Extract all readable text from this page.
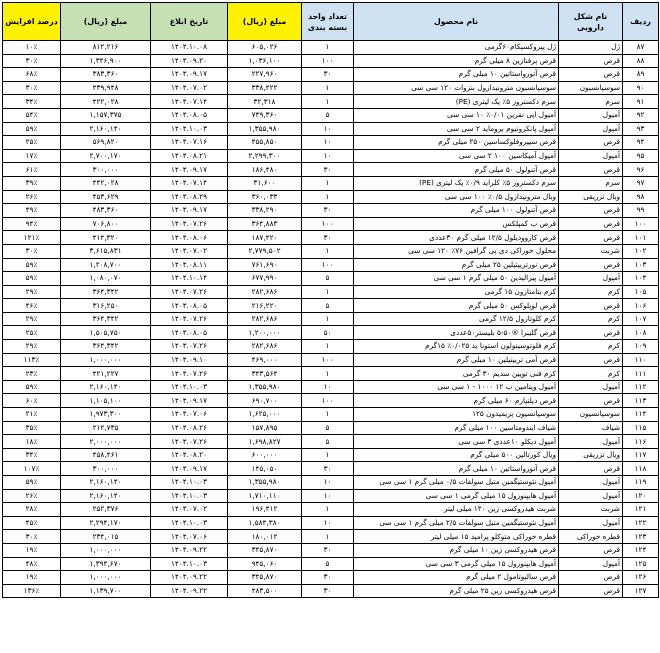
ردیف	نام شکل دارویی	نام محصول	تعداد واحد بسته بندی	مبلغ (ریال)	تاریخ ابلاغ	مبلغ (ریال)	درصد افزایش
۸۷	ژل	ژل پیروکسیکام۶۰گرمی	۱	۶۰۵,۰۲۶	۱۴۰۴.۱۰.۰۸	۸۱۲,۲۱۶	۱۰٪
۸۸	قرص	قرص پرفنازین ۸ میلی گرم	۱۰۰	۱,۰۳۶,۱۰۰	۱۴۰۴.۰۹.۲۰	۱,۳۴۶,۹۰۰	۳۰٪
۸۹	قرص	قرص آتورواستاتین ۱۰ میلی گرم	۳۰	۲۲۷,۹۶۰	۱۴۰۴.۰۹.۱۷	۳۸۳,۳۶۰	۶۸٪
۹۰	سوسپانسیون	سوسپانسیون مترونیدازول بنزوات ۱۲۰ سی سی	۱	۳۳۸,۴۲۲	۱۴۰۴.۰۷.۰۲	۴۳۹,۹۴۸	۳۰٪
۹۱	سرم	سرم دکستروز ۵٪ یک لیتری (PE)	۱	۳۲,۳۱۸	۱۴۰۴.۰۷.۱۴	۴۲۲,۰۲۸	۳۴٪
۹۲	آمپول	آمپول اپی نفرین ۰/۰۱٪ ۱۰ سی سی	۵	۷۴۹,۳۶۰	۱۴۰۴.۰۸.۰۵	۱,۱۵۷,۳۷۵	۵۴٪
۹۳	آمپول	آمپول پانکرونیوم بروماید ۲ سی سی	۱۰	۱,۳۵۵,۹۸۰	۱۴۰۴.۱۰.۰۳	۲,۱۶۰,۱۴۰	۵۹٪
۹۴	قرص	قرص سیپروفلوکساسین ۲۵۰ میلی گرم	۱۰	۴۵۵,۸۵۰	۱۴۰۴.۰۷.۱۶	۵۶۹,۸۲۰	۲۵٪
۹۵	آمپول	آمپول آمیکاسین ۱۰۰ ۲ سی سی	۱۰	۲,۲۹۹,۳۰۰	۱۴۰۴.۰۸.۲۱	۲,۷۰۰,۱۷۰	۱۷٪
۹۶	قرص	قرص آتنولول ۵۰ میلی گرم	۳۰	۱۸۶,۴۸۰	۱۴۰۴.۰۹.۱۷	۳۰۰,۰۰۰	۶۱٪
۹۷	سرم	سرم دکستروز ۵٪ کلراید ۰/۹٪ یک لیتری (PE)	۱	۳۱,۶۰۰	۱۴۰۴.۰۷.۱۴	۴۴۲,۰۲۸	۳۹٪
۹۸	ویال تزریقی	ویال مترونیدازول ۰/۵٪ ۱۰۰ سی سی	۱	۳۶۰,۰۳۳	۱۴۰۴.۰۸.۲۹	۴۵۳,۶۲۹	۲۶٪
۹۹	قرص	قرص آتنولول ۱۰۰ میلی گرم	۳۰	۳۳۸,۲۹۰	۱۴۰۴.۰۹.۱۷	۴۸۳,۳۶۰	۴۹٪
۱۰۰	قرص	قرص ب کمپلکس	۱۰۰	۳۶۴,۸۸۳	۱۴۰۴.۰۷.۲۶	۷۰۶,۸۰۰	۹۴٪
۱۰۱	قرص	قرص کاروودیلول ۱۲/۵ میلی گرم ۳۰عددی	۳۰	۱۸۷,۴۲۰	۱۴۰۴.۰۸.۰۶	۴۱۴,۳۲۰	۱۲۱٪
۱۰۲	شربت	محلول خوراکی دی پی گرافین ۷۶٪ ۱۲۰ سی سی	۱	۲,۷۷۹,۵۰۲	۱۴۰۴.۰۷.۰۲	۳,۶۱۵,۸۳۱	۳۰٪
۱۰۳	قرص	قرص نورتریپتیلین ۲۵ میلی گرم	۱۰۰	۷۶۱,۶۹۰	۱۴۰۴.۰۸.۱۱	۱,۲۰۸,۷۰۰	۵۹٪
۱۰۴	آمپول	آمپول پیرالیدین ۵۰ میلی گرم ۱ سی سی	۵	۶۷۷,۹۹۰	۱۴۰۴.۱۰.۱۴	۱,۰۸۰,۰۷۰	۵۹٪
۱۰۵	کرم	کرم بتامتازون ۱۵ گرمی	۱	۲۸۲,۶۸۶	۱۴۰۴.۰۷.۲۶	۳۶۴,۳۴۲	۲۹٪
۱۰۶	قرص	قرص لوپلوکس ۵۰ میلی گرم	۵	۲۱۶,۲۲۰	۱۴۰۴.۰۸.۰۵	۳۱۶,۲۵۰	۴۶٪
۱۰۷	کرم	کرم کلوتازول ۱۲/۵ گرمی	۱	۲۸۲,۶۸۶	۱۴۰۴.۰۷.۲۶	۳۶۴,۳۴۲	۲۹٪
۱۰۸	قرص	قرص گلیبرا ®۵۰-۵ بلیستر۵۰عددی	۵۰	۱,۲۰۰,۰۰۰	۱۴۰۴.۰۸.۰۵	۱,۵۰۵,۷۵۰	۲۵٪
۱۰۹	کرم	کرم فلوتوسینولون استونا ید ۰/۰۲۵٪ ۱۵گرم	۱	۲۸۲,۶۸۶	۱۴۰۴.۰۷.۲۶	۳۶۴,۳۴۲	۲۹٪
۱۱۰	قرص	قرص آمی تریپتیلین ۱۰ میلی گرم	۱۰۰	۴۶۹,۰۰۰	۱۴۰۴.۰۹.۱۰	۱,۰۰۰,۰۰۰	۱۱۳٪
۱۱۱	کرم	کرم فنی تویین سدیم ۳۰ گرمی	۱	۳۴۳,۵۶۴	۱۴۰۴.۰۷.۲۶	۴۲۱,۲۲۷	۲۳٪
۱۱۲	آمپول	آمپول ویتامین ب ۱۲ ۱۰۰۰ - ۱ سی سی	۱۰	۱,۳۵۵,۹۸۰	۱۴۰۴.۱۰.۰۳	۲,۱۶۰,۱۴۰	۵۹٪
۱۱۳	قرص	قرص دیلتیازم ۶۰ میلی گرم	۱۰۰	۶۹۰,۷۰۰	۱۴۰۴.۰۹.۱۷	۱,۱۰۵,۱۰۰	۶۰٪
۱۱۴	سوسپانسیون	سوسپانسیون پریمیدون ۱۲۵	۱	۱,۶۲۵,۰۰۰	۱۴۰۴.۰۷.۰۶	۱,۹۷۳,۳۰۰	۲۱٪
۱۱۵	شیاف	شیاف ایندومتاسین ۱۰۰ میلی گرم	۵	۱۵۷,۸۹۵	۱۴۰۴.۰۸.۲۶	۲۱۲,۷۳۵	۳۵٪
۱۱۶	آمپول	آمپول دیکلو ۱۰عددی ۳ سی سی	۵	۱,۶۹۸,۸۲۷	۱۴۰۴.۰۷.۲۶	۲,۰۰۰,۰۰۰	۱۸٪
۱۱۷	ویال تزریقی	ویال کورتالین ۵۰۰ میلی گرم	۱	۶۰۰,۰۰۰	۱۴۰۴.۰۸.۲۰	۴۵۸,۴۶۱	۳۴٪
۱۱۸	قرص	قرص آتورواستاتین ۱۰ میلی گرم	۳۰	۱۴۵,۰۵۰	۱۴۰۴.۰۹.۱۷	۳۰۰,۰۰۰	۱۰۷٪
۱۱۹	آمپول	آمپول نئوستیگمین متیل سولفات ۰/۵ میلی گرم ۱ سی سی	۱۰	۱,۳۵۵,۹۸۰	۱۴۰۴.۱۰.۰۳	۲,۱۶۰,۱۴۰	۵۹٪
۱۲۰	آمپول	آمپول هایپنوزول ۱۵ میلی گرمی ۱ سی سی	۱۰	۱,۷۱۰,۱۱۰	۱۴۰۴.۱۰.۰۳	۲,۱۶۰,۱۴۰	۲۶٪
۱۲۱	شربت	شربت هیدروکسی زین ۱۲۰ میلی لیتر	۱	۱۹۶,۴۱۲	۱۴۰۴.۰۷.۰۲	۲۵۲,۳۷۶	۲۸٪
۱۲۲	آمپول	آمپول نئوستیگمین متیل سولفات ۲/۵ میلی گرم ۱ سی سی	۱۰	۱,۵۸۴,۳۸۰	۱۴۰۴.۱۰.۰۳	۲,۲۹۴,۱۷۰	۴۵٪
۱۲۳	قطره خوراکی	قطره خوراکی متوکلو پرامید ۱۵ میلی لیتر	۱	۱۸۰,۰۱۲	۱۴۰۴.۰۷.۰۶	۲۳۴,۰۱۵	۳۰٪
۱۲۴	قرص	قرص هیدروکسی زین ۱۰ میلی گرم	۳۰	۳۴۵,۸۷۰	۱۴۰۴.۰۹.۲۲	۱,۰۰۰,۰۰۰	۱۹٪
۱۲۵	آمپول	آمپول هایپنوزول ۱۵ میلی گرمی ۳ سی سی	۵	۹۴۵,۰۶۰	۱۴۰۴.۱۰.۰۳	۱,۳۹۴,۶۷۰	۴۸٪
۱۲۶	قرص	قرص سالبوتامول ۲ میلی گرم	۳۰	۳۴۵,۸۷۰	۱۴۰۴.۰۹.۲۲	۱,۰۰۰,۰۰۰	۱۹٪
۱۲۷	قرص	قرص هیدروکسی زین ۲۵ میلی گرم	۳۰	۴۸۳,۵۰۰	۱۴۰۴.۰۹.۲۲	۱,۱۳۹,۷۰۰	۱۳۶٪
